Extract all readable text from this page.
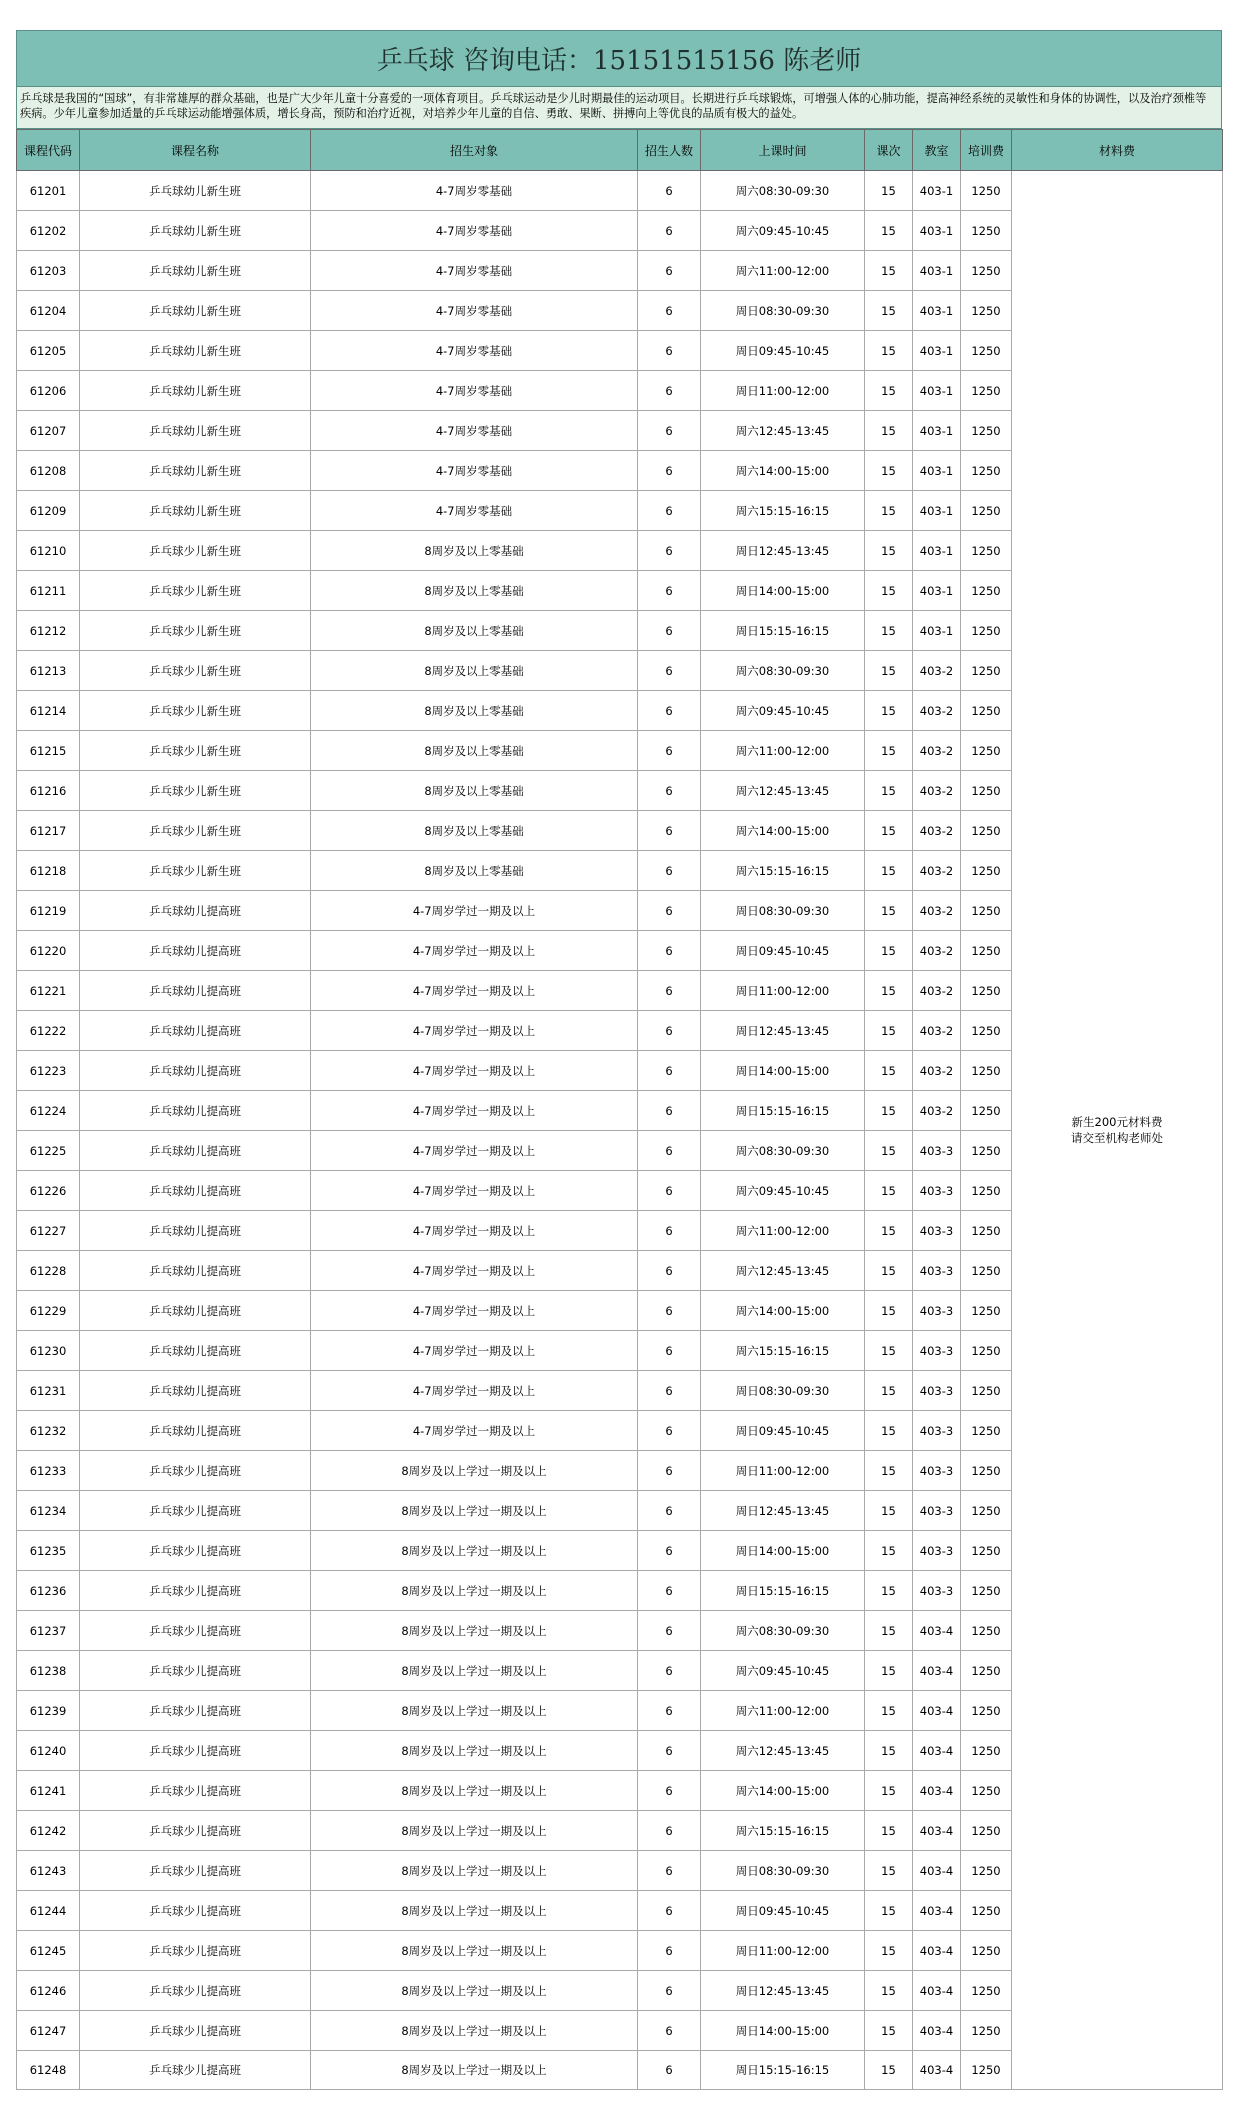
乒乓球 咨询电话：15151515156 陈老师
乒乓球是我国的“国球”，有非常雄厚的群众基础，也是广大少年儿童十分喜爱的一项体育项目。乒乓球运动是少儿时期最佳的运动项目。长期进行乒乓球锻炼，可增强人体的心肺功能，提高神经系统的灵敏性和身体的协调性，以及治疗颈椎等疾病。少年儿童参加适量的乒乓球运动能增强体质，增长身高，预防和治疗近视，对培养少年儿童的自信、勇敢、果断、拼搏向上等优良的品质有极大的益处。
课程代码	课程名称	招生对象	招生人数	上课时间	课次	教室	培训费	材料费
61201	乒乓球幼儿新生班	4-7周岁零基础	6	周六08:30-09:30	15	403-1	1250	新生200元材料费
请交至机构老师处

61202	乒乓球幼儿新生班	4-7周岁零基础	6	周六09:45-10:45	15	403-1	1250	
61203	乒乓球幼儿新生班	4-7周岁零基础	6	周六11:00-12:00	15	403-1	1250	
61204	乒乓球幼儿新生班	4-7周岁零基础	6	周日08:30-09:30	15	403-1	1250	
61205	乒乓球幼儿新生班	4-7周岁零基础	6	周日09:45-10:45	15	403-1	1250	
61206	乒乓球幼儿新生班	4-7周岁零基础	6	周日11:00-12:00	15	403-1	1250	
61207	乒乓球幼儿新生班	4-7周岁零基础	6	周六12:45-13:45	15	403-1	1250	
61208	乒乓球幼儿新生班	4-7周岁零基础	6	周六14:00-15:00	15	403-1	1250	
61209	乒乓球幼儿新生班	4-7周岁零基础	6	周六15:15-16:15	15	403-1	1250	
61210	乒乓球少儿新生班	8周岁及以上零基础	6	周日12:45-13:45	15	403-1	1250	
61211	乒乓球少儿新生班	8周岁及以上零基础	6	周日14:00-15:00	15	403-1	1250	
61212	乒乓球少儿新生班	8周岁及以上零基础	6	周日15:15-16:15	15	403-1	1250	
61213	乒乓球少儿新生班	8周岁及以上零基础	6	周六08:30-09:30	15	403-2	1250	
61214	乒乓球少儿新生班	8周岁及以上零基础	6	周六09:45-10:45	15	403-2	1250	
61215	乒乓球少儿新生班	8周岁及以上零基础	6	周六11:00-12:00	15	403-2	1250	
61216	乒乓球少儿新生班	8周岁及以上零基础	6	周六12:45-13:45	15	403-2	1250	
61217	乒乓球少儿新生班	8周岁及以上零基础	6	周六14:00-15:00	15	403-2	1250	
61218	乒乓球少儿新生班	8周岁及以上零基础	6	周六15:15-16:15	15	403-2	1250	
61219	乒乓球幼儿提高班	4-7周岁学过一期及以上	6	周日08:30-09:30	15	403-2	1250	
61220	乒乓球幼儿提高班	4-7周岁学过一期及以上	6	周日09:45-10:45	15	403-2	1250	
61221	乒乓球幼儿提高班	4-7周岁学过一期及以上	6	周日11:00-12:00	15	403-2	1250	
61222	乒乓球幼儿提高班	4-7周岁学过一期及以上	6	周日12:45-13:45	15	403-2	1250	
61223	乒乓球幼儿提高班	4-7周岁学过一期及以上	6	周日14:00-15:00	15	403-2	1250	
61224	乒乓球幼儿提高班	4-7周岁学过一期及以上	6	周日15:15-16:15	15	403-2	1250	
61225	乒乓球幼儿提高班	4-7周岁学过一期及以上	6	周六08:30-09:30	15	403-3	1250	
61226	乒乓球幼儿提高班	4-7周岁学过一期及以上	6	周六09:45-10:45	15	403-3	1250	
61227	乒乓球幼儿提高班	4-7周岁学过一期及以上	6	周六11:00-12:00	15	403-3	1250	
61228	乒乓球幼儿提高班	4-7周岁学过一期及以上	6	周六12:45-13:45	15	403-3	1250	
61229	乒乓球幼儿提高班	4-7周岁学过一期及以上	6	周六14:00-15:00	15	403-3	1250	
61230	乒乓球幼儿提高班	4-7周岁学过一期及以上	6	周六15:15-16:15	15	403-3	1250	
61231	乒乓球幼儿提高班	4-7周岁学过一期及以上	6	周日08:30-09:30	15	403-3	1250	
61232	乒乓球幼儿提高班	4-7周岁学过一期及以上	6	周日09:45-10:45	15	403-3	1250	
61233	乒乓球少儿提高班	8周岁及以上学过一期及以上	6	周日11:00-12:00	15	403-3	1250	
61234	乒乓球少儿提高班	8周岁及以上学过一期及以上	6	周日12:45-13:45	15	403-3	1250	
61235	乒乓球少儿提高班	8周岁及以上学过一期及以上	6	周日14:00-15:00	15	403-3	1250	
61236	乒乓球少儿提高班	8周岁及以上学过一期及以上	6	周日15:15-16:15	15	403-3	1250	
61237	乒乓球少儿提高班	8周岁及以上学过一期及以上	6	周六08:30-09:30	15	403-4	1250	
61238	乒乓球少儿提高班	8周岁及以上学过一期及以上	6	周六09:45-10:45	15	403-4	1250	
61239	乒乓球少儿提高班	8周岁及以上学过一期及以上	6	周六11:00-12:00	15	403-4	1250	
61240	乒乓球少儿提高班	8周岁及以上学过一期及以上	6	周六12:45-13:45	15	403-4	1250	
61241	乒乓球少儿提高班	8周岁及以上学过一期及以上	6	周六14:00-15:00	15	403-4	1250	
61242	乒乓球少儿提高班	8周岁及以上学过一期及以上	6	周六15:15-16:15	15	403-4	1250	
61243	乒乓球少儿提高班	8周岁及以上学过一期及以上	6	周日08:30-09:30	15	403-4	1250	
61244	乒乓球少儿提高班	8周岁及以上学过一期及以上	6	周日09:45-10:45	15	403-4	1250	
61245	乒乓球少儿提高班	8周岁及以上学过一期及以上	6	周日11:00-12:00	15	403-4	1250	
61246	乒乓球少儿提高班	8周岁及以上学过一期及以上	6	周日12:45-13:45	15	403-4	1250	
61247	乒乓球少儿提高班	8周岁及以上学过一期及以上	6	周日14:00-15:00	15	403-4	1250	
61248	乒乓球少儿提高班	8周岁及以上学过一期及以上	6	周日15:15-16:15	15	403-4	1250	
